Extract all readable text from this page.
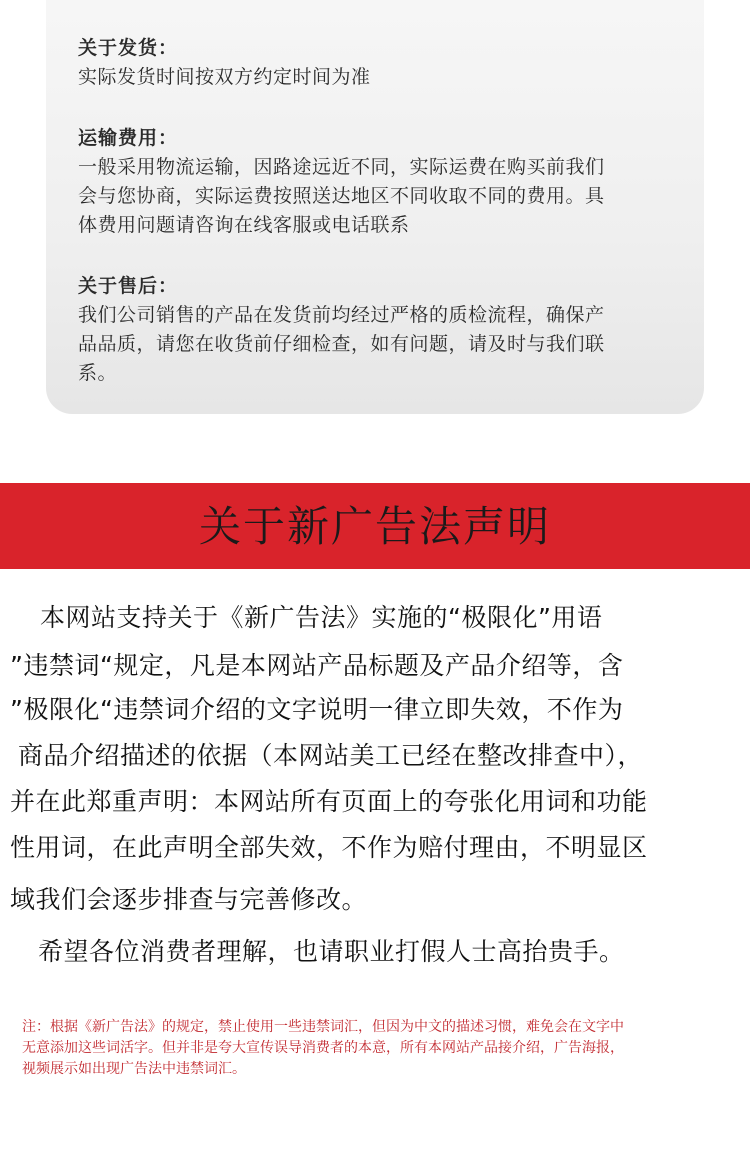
关于发货：
实际发货时间按双方约定时间为准
运输费用：
一般采用物流运输，因路途远近不同，实际运费在购买前我们
会与您协商，实际运费按照送达地区不同收取不同的费用。具
体费用问题请咨询在线客服或电话联系
关于售后：
我们公司销售的产品在发货前均经过严格的质检流程，确保产
品品质，请您在收货前仔细检查，如有问题，请及时与我们联
系。
关于新广告法声明
本网站支持关于《新广告法》实施的“极限化”用语
”违禁词“规定，凡是本网站产品标题及产品介绍等，含
”极限化“违禁词介绍的文字说明一律立即失效，不作为
商品介绍描述的依据（本网站美工已经在整改排查中），
并在此郑重声明：本网站所有页面上的夸张化用词和功能
性用词，在此声明全部失效，不作为赔付理由，不明显区
域我们会逐步排查与完善修改。
希望各位消费者理解，也请职业打假人士高抬贵手。
注：根据《新广告法》的规定，禁止使用一些违禁词汇，但因为中文的描述习惯，难免会在文字中
无意添加这些词活字。但并非是夸大宣传误导消费者的本意，所有本网站产品接介绍，广告海报，
视频展示如出现广告法中违禁词汇。
